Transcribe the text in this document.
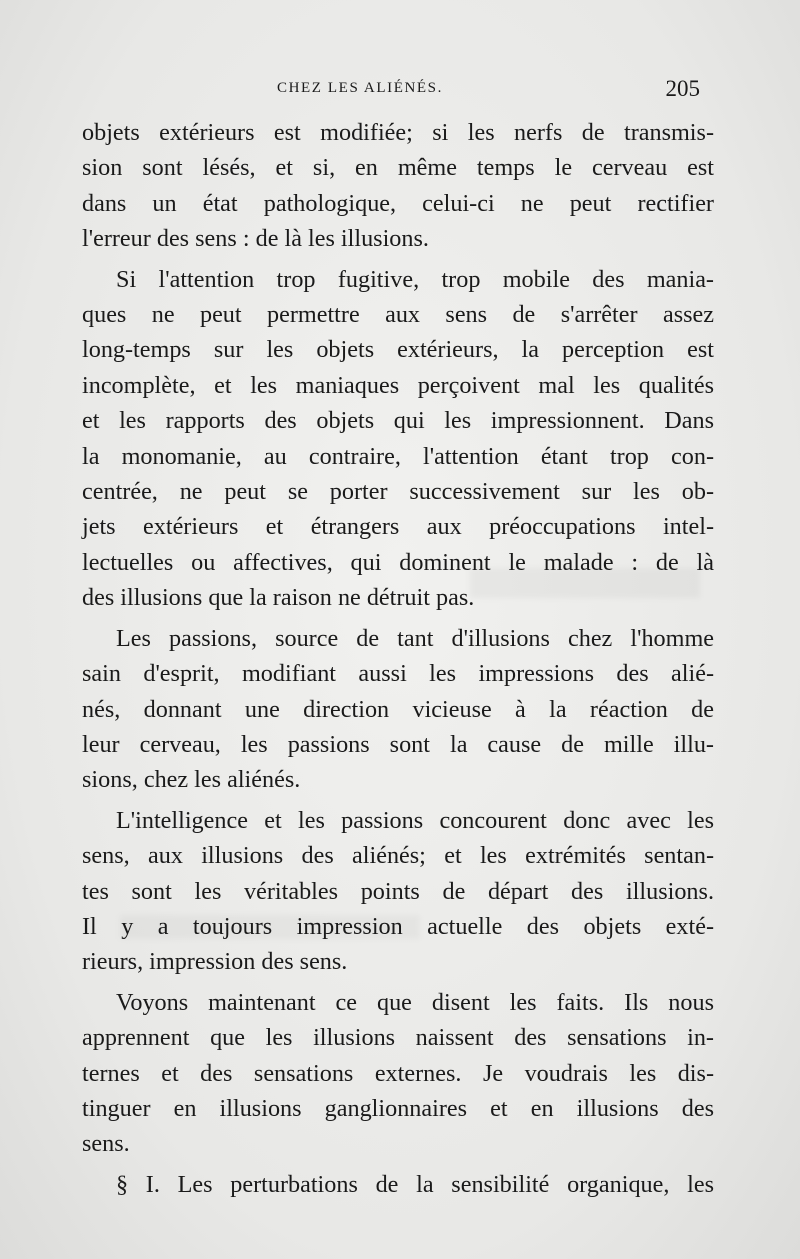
CHEZ LES ALIÉNÉS.	205

objets extérieurs est modifiée; si les nerfs de transmis-

sion sont lésés, et si, en même temps le cerveau est

dans un état pathologique, celui-ci ne peut rectifier

l'erreur des sens : de là les illusions.

Si l'attention trop fugitive, trop mobile des mania-

ques ne peut permettre aux sens de s'arrêter assez

long-temps sur les objets extérieurs, la perception est

incomplète, et les maniaques perçoivent mal les qualités

et les rapports des objets qui les impressionnent. Dans

la monomanie, au contraire, l'attention étant trop con-

centrée, ne peut se porter successivement sur les ob-

jets extérieurs et étrangers aux préoccupations intel-

lectuelles ou affectives, qui dominent le malade : de là

des illusions que la raison ne détruit pas.

Les passions, source de tant d'illusions chez l'homme

sain d'esprit, modifiant aussi les impressions des alié-

nés, donnant une direction vicieuse à la réaction de

leur cerveau, les passions sont la cause de mille illu-

sions, chez les aliénés.

L'intelligence et les passions concourent donc avec les

sens, aux illusions des aliénés; et les extrémités sentan-

tes sont les véritables points de départ des illusions.

Il y a toujours impression actuelle des objets exté-

rieurs, impression des sens.

Voyons maintenant ce que disent les faits. Ils nous

apprennent que les illusions naissent des sensations in-

ternes et des sensations externes. Je voudrais les dis-

tinguer en illusions ganglionnaires et en illusions des

sens.

§ I. Les perturbations de la sensibilité organique, les
